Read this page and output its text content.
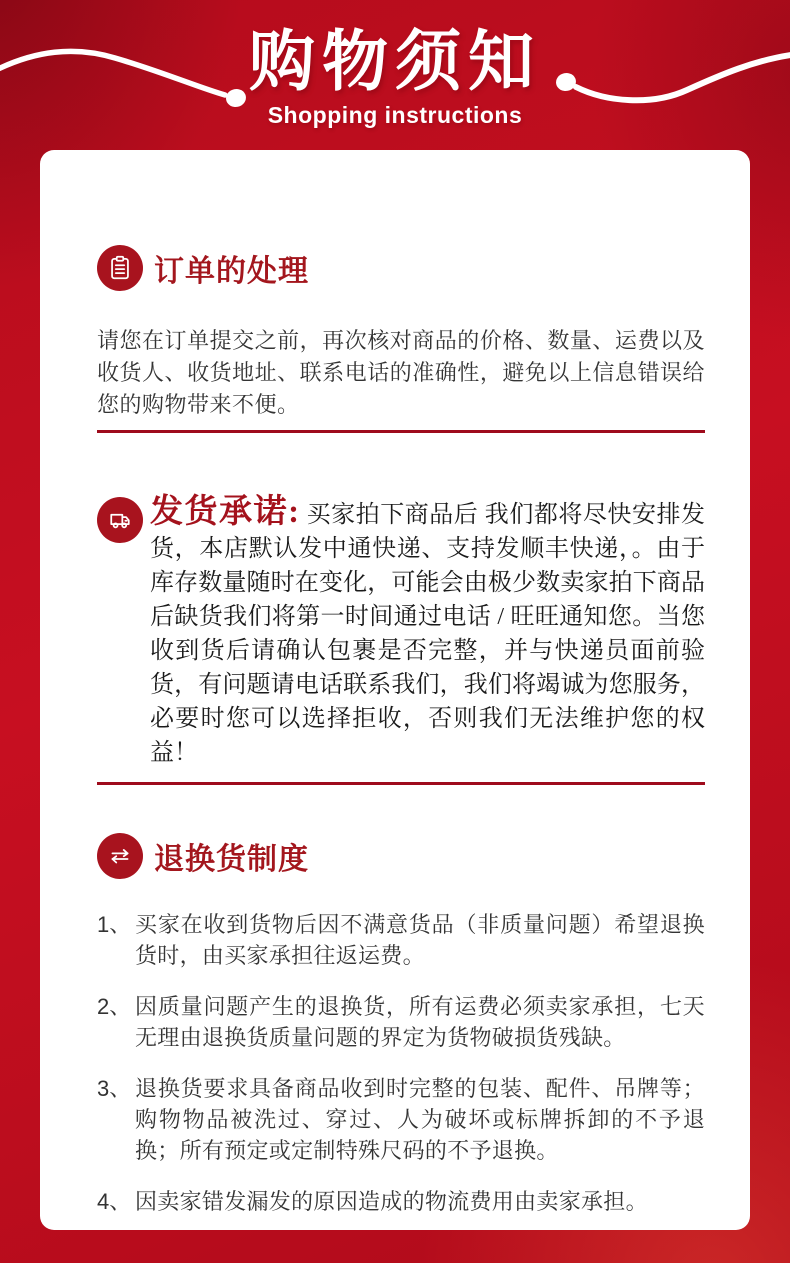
购物须知
Shopping instructions
订单的处理

请您在订单提交之前，再次核对商品的价格、数量、运费以及收货人、收货地址、联系电话的准确性，避免以上信息错误给您的购物带来不便。

发货承诺: 买家拍下商品后 我们都将尽快安排发货，本店默认发中通快递、支持发顺丰快递，。由于库存数量随时在变化，可能会由极少数卖家拍下商品后缺货我们将第一时间通过电话 / 旺旺通知您。当您收到货后请确认包裹是否完整，并与快递员面前验货，有问题请电话联系我们，我们将竭诚为您服务，必要时您可以选择拒收，否则我们无法维护您的权益！
退换货制度
1、 买家在收到货物后因不满意货品（非质量问题）希望退换货时，由买家承担往返运费。
2、 因质量问题产生的退换货，所有运费必须卖家承担，七天无理由退换货质量问题的界定为货物破损货残缺。
3、 退换货要求具备商品收到时完整的包装、配件、吊牌等；购物物品被洗过、穿过、人为破坏或标牌拆卸的不予退换；所有预定或定制特殊尺码的不予退换。
4、 因卖家错发漏发的原因造成的物流费用由卖家承担。
